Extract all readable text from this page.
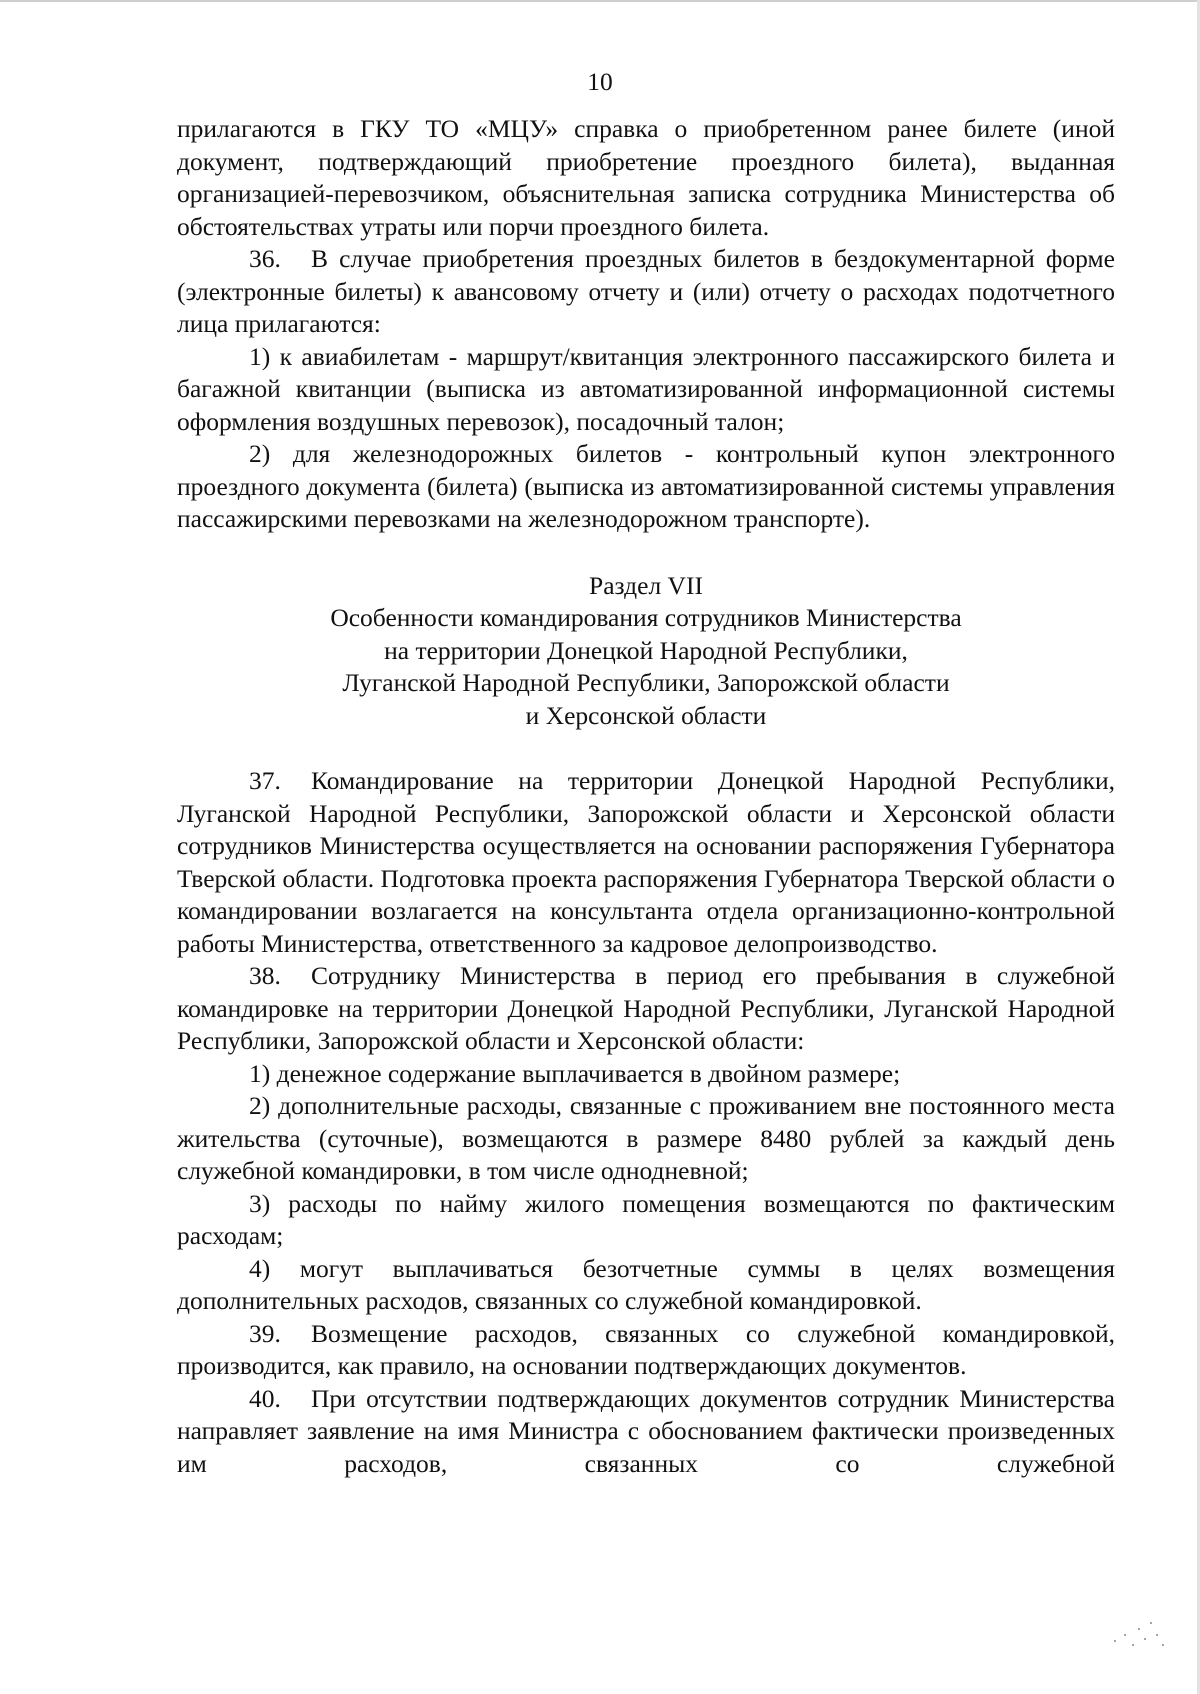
10

прилагаются в ГКУ ТО «МЦУ» справка о приобретенном ранее билете (иной документ, подтверждающий приобретение проездного билета), выданная организацией-перевозчиком, объяснительная записка сотрудника Министерства об обстоятельствах утраты или порчи проездного билета.

36. В случае приобретения проездных билетов в бездокументарной форме (электронные билеты) к авансовому отчету и (или) отчету о расходах подотчетного лица прилагаются:

1) к авиабилетам - маршрут/квитанция электронного пассажирского билета и багажной квитанции (выписка из автоматизированной информационной системы оформления воздушных перевозок), посадочный талон;

2) для железнодорожных билетов - контрольный купон электронного проездного документа (билета) (выписка из автоматизированной системы управления пассажирскими перевозками на железнодорожном транспорте).

Раздел VII
Особенности командирования сотрудников Министерства
на территории Донецкой Народной Республики,
Луганской Народной Республики, Запорожской области
и Херсонской области

37. Командирование на территории Донецкой Народной Республики, Луганской Народной Республики, Запорожской области и Херсонской области сотрудников Министерства осуществляется на основании распоряжения Губернатора Тверской области. Подготовка проекта распоряжения Губернатора Тверской области о командировании возлагается на консультанта отдела организационно-контрольной работы Министерства, ответственного за кадровое делопроизводство.

38. Сотруднику Министерства в период его пребывания в служебной командировке на территории Донецкой Народной Республики, Луганской Народной Республики, Запорожской области и Херсонской области:

1) денежное содержание выплачивается в двойном размере;

2) дополнительные расходы, связанные с проживанием вне постоянного места жительства (суточные), возмещаются в размере 8480 рублей за каждый день служебной командировки, в том числе однодневной;

3) расходы по найму жилого помещения возмещаются по фактическим расходам;

4) могут выплачиваться безотчетные суммы в целях возмещения дополнительных расходов, связанных со служебной командировкой.

39. Возмещение расходов, связанных со служебной командировкой, производится, как правило, на основании подтверждающих документов.

40. При отсутствии подтверждающих документов сотрудник Министерства направляет заявление на имя Министра с обоснованием фактически произведенных им расходов, связанных со служебной
